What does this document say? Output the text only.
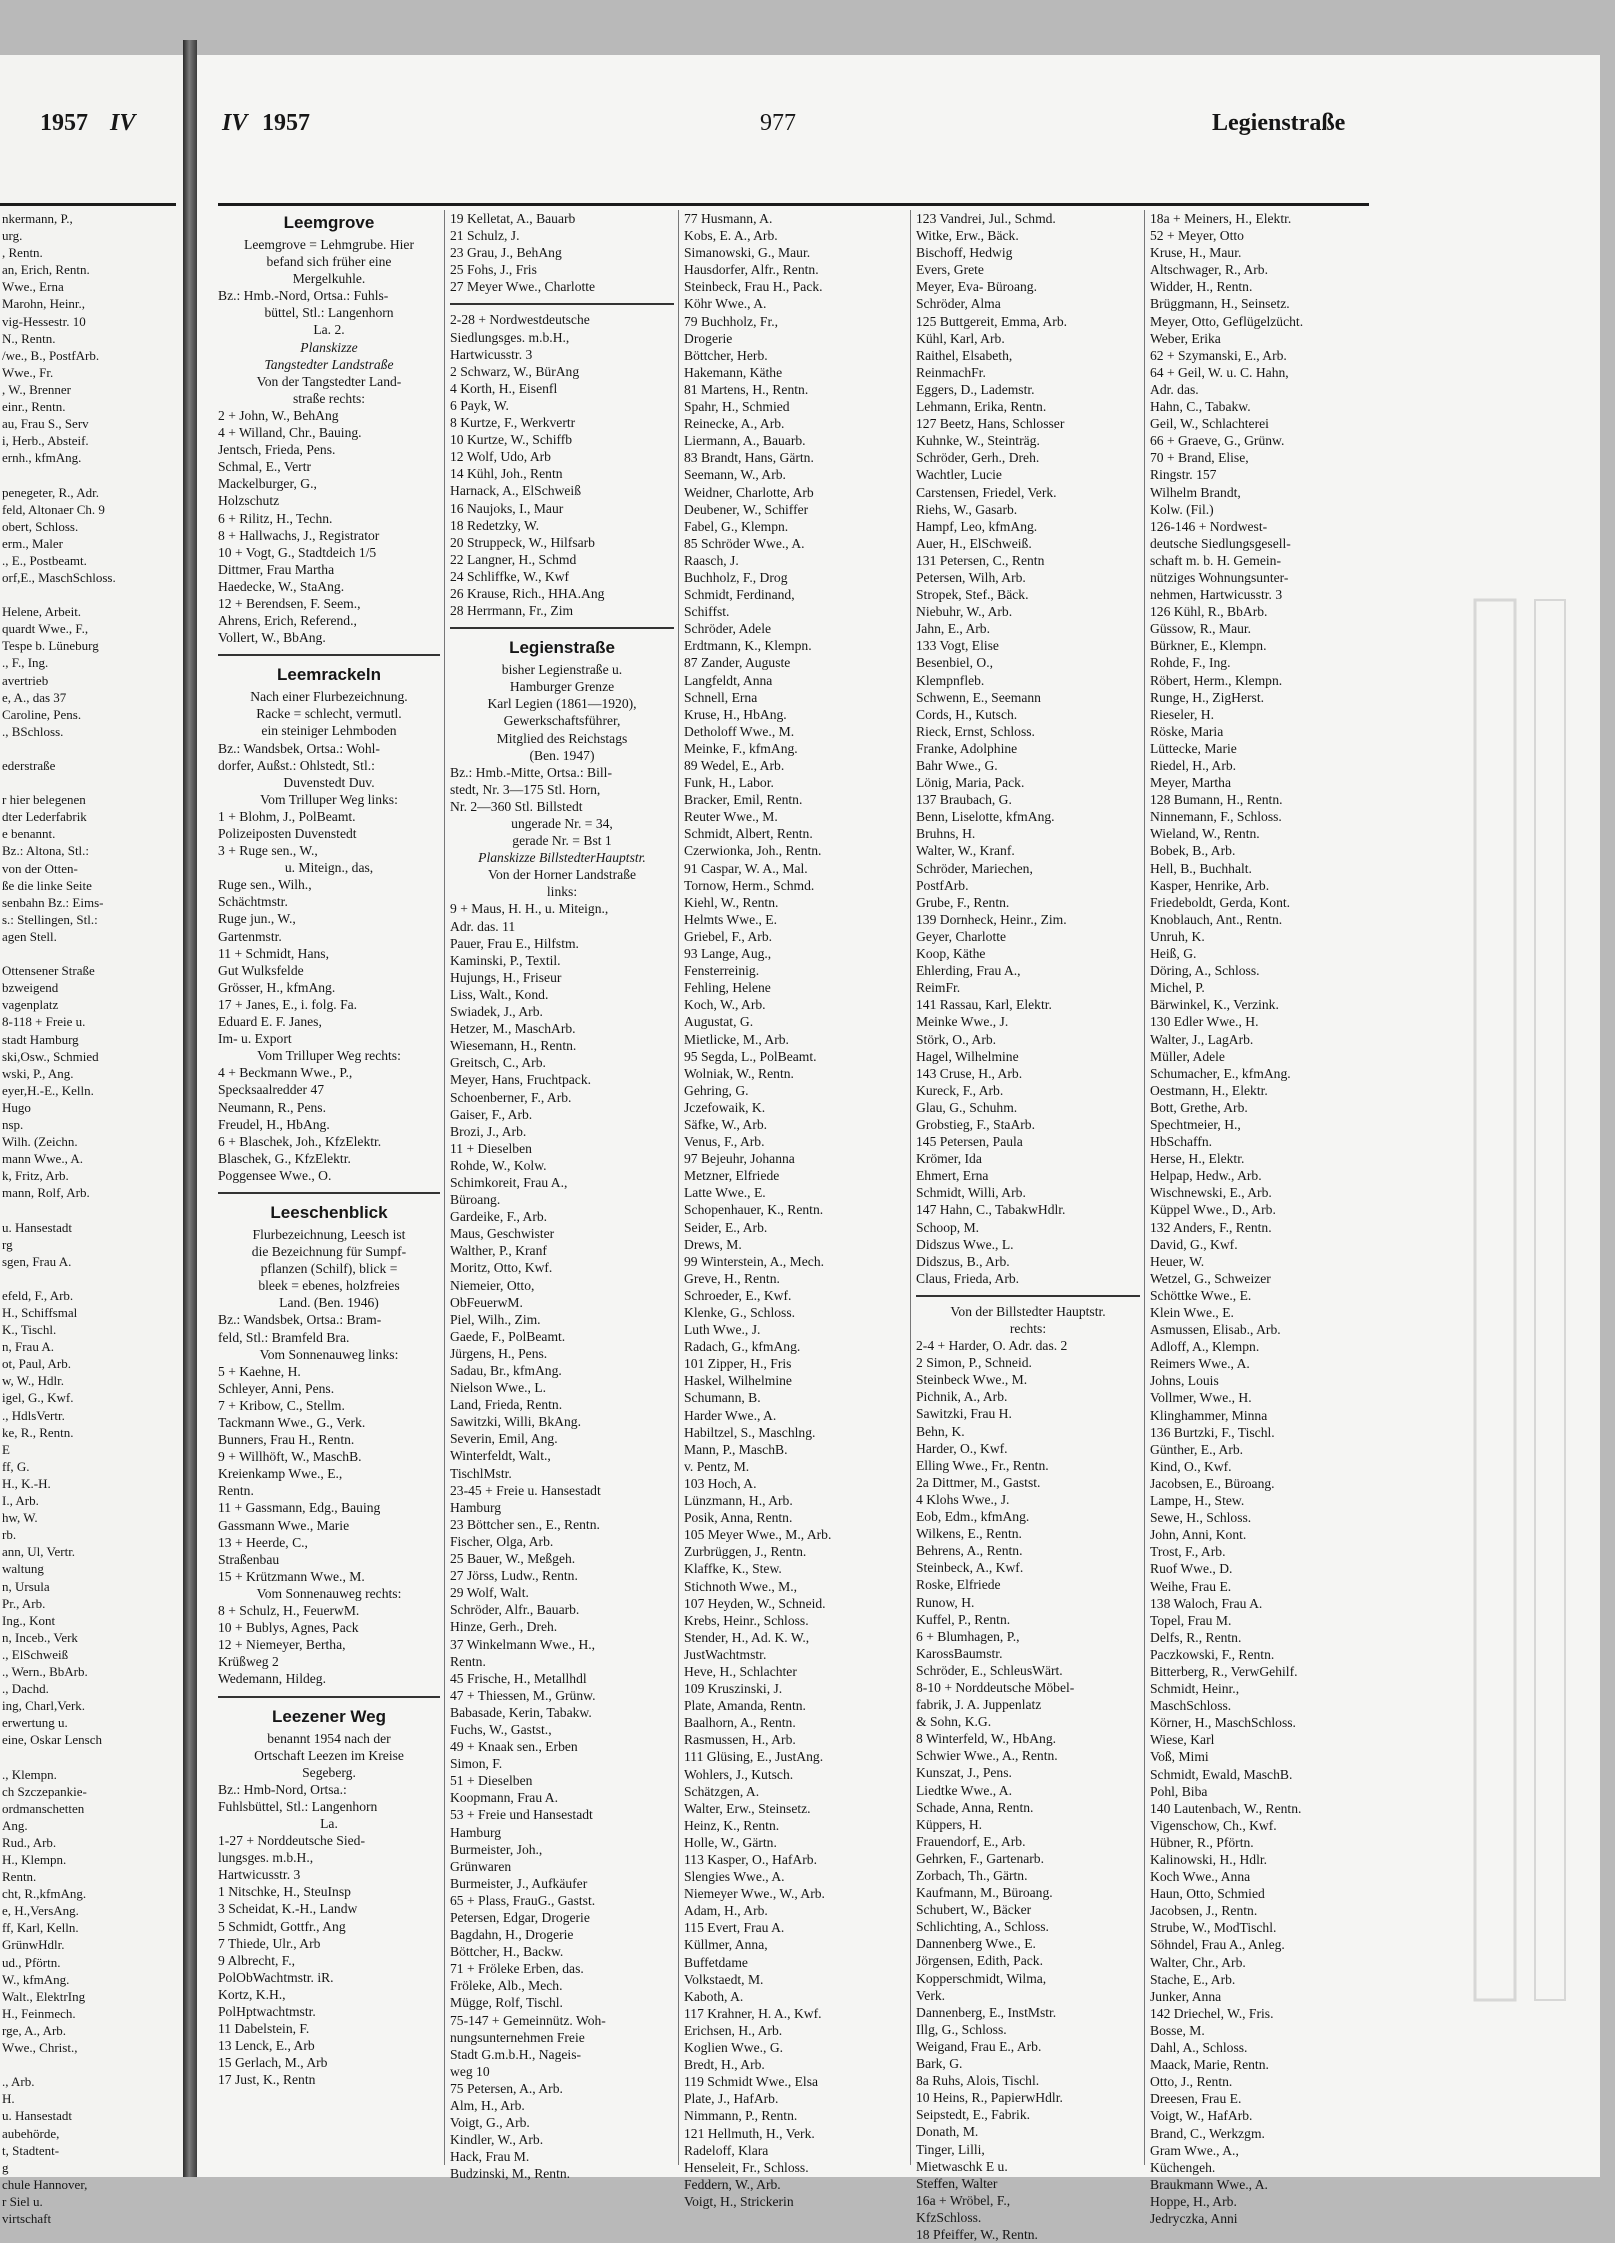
1957 IV	IV 1957	977	Legienstraße
nkermann, P.,
urg.
, Rentn.
an, Erich, Rentn.
Wwe., Erna
Marohn, Heinr.,
vig-Hessestr. 10
N., Rentn.
/we., B., PostfArb.
Wwe., Fr.
, W., Brenner
einr., Rentn.
au, Frau S., Serv
i, Herb., Absteif.
ernh., kfmAng.

penegeter, R., Adr.
feld, Altonaer Ch. 9
obert, Schloss.
erm., Maler
., E., Postbeamt.
orf,E., MaschSchloss.

Helene, Arbeit.
quardt Wwe., F.,
Tespe b. Lüneburg
., F., Ing.
avertrieb
e, A., das 37
Caroline, Pens.
., BSchloss.

ederstraße

r hier belegenen
dter Lederfabrik
e benannt.
Bz.: Altona, Stl.:
von der Otten-
ße die linke Seite
senbahn Bz.: Eims-
s.: Stellingen, Stl.:
agen Stell.

Ottensener Straße
bzweigend
vagenplatz
8-118 + Freie u.
stadt Hamburg
ski,Osw., Schmied
wski, P., Ang.
eyer,H.-E., Kelln.
Hugo
nsp.
Wilh. (Zeichn.
mann Wwe., A.
k, Fritz, Arb.
mann, Rolf, Arb.

u. Hansestadt
rg
sgen, Frau A.

efeld, F., Arb.
H., Schiffsmal
K., Tischl.
n, Frau A.
ot, Paul, Arb.
w, W., Hdlr.
igel, G., Kwf.
., HdlsVertr.
ke, R., Rentn.
E
ff, G.
H., K.-H.
I., Arb.
hw, W.
rb.
ann, Ul, Vertr.
waltung
n, Ursula
Pr., Arb.
Ing., Kont
n, Inceb., Verk
., ElSchweiß
., Wern., BbArb.
., Dachd.
ing, Charl,Verk.
erwertung u.
eine, Oskar Lensch

., Klempn.
ch Szczepankie-
ordmanschetten
Ang.
Rud., Arb.
H., Klempn.
Rentn.
cht, R.,kfmAng.
e, H.,VersAng.
ff, Karl, Kelln.
GrünwHdlr.
ud., Pförtn.
W., kfmAng.
Walt., ElektrIng
H., Feinmech.
rge, A., Arb.
Wwe., Christ.,

., Arb.
H.
u. Hansestadt
aubehörde,
t, Stadtent-
g
chule Hannover,
r Siel u.
virtschaft
Leemgrove
Leemgrove = Lehmgrube. Hier
befand sich früher eine
Mergelkuhle.
Bz.: Hmb.-Nord, Ortsa.: Fuhls-
büttel, Stl.: Langenhorn
La. 2.
Planskizze
Tangstedter Landstraße
Von der Tangstedter Land-
straße rechts:
2 + John, W., BehAng
4 + Willand, Chr., Bauing.
Jentsch, Frieda, Pens.
Schmal, E., Vertr
Mackelburger, G.,
Holzschutz
6 + Rilitz, H., Techn.
8 + Hallwachs, J., Registrator
10 + Vogt, G., Stadtdeich 1/5
Dittmer, Frau Martha
Haedecke, W., StaAng.
12 + Berendsen, F. Seem.,
Ahrens, Erich, Referend.,
Vollert, W., BbAng.
Leemrackeln
Nach einer Flurbezeichnung.
Racke = schlecht, vermutl.
ein steiniger Lehmboden
Bz.: Wandsbek, Ortsa.: Wohl-
dorfer, Außst.: Ohlstedt, Stl.:
Duvenstedt Duv.
Vom Trilluper Weg links:
1 + Blohm, J., PolBeamt.
Polizeiposten Duvenstedt
3 + Ruge sen., W.,
u. Miteign., das,
Ruge sen., Wilh.,
Schächtmstr.
Ruge jun., W.,
Gartenmstr.
11 + Schmidt, Hans,
Gut Wulksfelde
Grösser, H., kfmAng.
17 + Janes, E., i. folg. Fa.
Eduard E. F. Janes,
Im- u. Export
Vom Trilluper Weg rechts:
4 + Beckmann Wwe., P.,
Specksaalredder 47
Neumann, R., Pens.
Freudel, H., HbAng.
6 + Blaschek, Joh., KfzElektr.
Blaschek, G., KfzElektr.
Poggensee Wwe., O.
Leeschenblick
Flurbezeichnung, Leesch ist
die Bezeichnung für Sumpf-
pflanzen (Schilf), blick =
bleek = ebenes, holzfreies
Land. (Ben. 1946)
Bz.: Wandsbek, Ortsa.: Bram-
feld, Stl.: Bramfeld Bra.
Vom Sonnenauweg links:
5 + Kaehne, H.
Schleyer, Anni, Pens.
7 + Kribow, C., Stellm.
Tackmann Wwe., G., Verk.
Bunners, Frau H., Rentn.
9 + Willhöft, W., MaschB.
Kreienkamp Wwe., E.,
Rentn.
11 + Gassmann, Edg., Bauing
Gassmann Wwe., Marie
13 + Heerde, C.,
Straßenbau
15 + Krützmann Wwe., M.
Vom Sonnenauweg rechts:
8 + Schulz, H., FeuerwM.
10 + Bublys, Agnes, Pack
12 + Niemeyer, Bertha,
Krüßweg 2
Wedemann, Hildeg.
Leezener Weg
benannt 1954 nach der
Ortschaft Leezen im Kreise
Segeberg.
Bz.: Hmb-Nord, Ortsa.:
Fuhlsbüttel, Stl.: Langenhorn
La.
1-27 + Norddeutsche Sied-
lungsges. m.b.H.,
Hartwicusstr. 3
1 Nitschke, H., SteuInsp
3 Scheidat, K.-H., Landw
5 Schmidt, Gottfr., Ang
7 Thiede, Ulr., Arb
9 Albrecht, F.,
PolObWachtmstr. iR.
Kortz, K.H.,
PolHptwachtmstr.
11 Dabelstein, F.
13 Lenck, E., Arb
15 Gerlach, M., Arb
17 Just, K., Rentn
19 Kelletat, A., Bauarb
21 Schulz, J.
23 Grau, J., BehAng
25 Fohs, J., Fris
27 Meyer Wwe., Charlotte
2-28 + Nordwestdeutsche
Siedlungsges. m.b.H.,
Hartwicusstr. 3
2 Schwarz, W., BürAng
4 Korth, H., Eisenfl
6 Payk, W.
8 Kurtze, F., Werkvertr
10 Kurtze, W., Schiffb
12 Wolf, Udo, Arb
14 Kühl, Joh., Rentn
Harnack, A., ElSchweiß
16 Naujoks, I., Maur
18 Redetzky, W.
20 Struppeck, W., Hilfsarb
22 Langner, H., Schmd
24 Schliffke, W., Kwf
26 Krause, Rich., HHA.Ang
28 Herrmann, Fr., Zim
Legienstraße
bisher Legienstraße u.
Hamburger Grenze
Karl Legien (1861—1920),
Gewerkschaftsführer,
Mitglied des Reichstags
(Ben. 1947)
Bz.: Hmb.-Mitte, Ortsa.: Bill-
stedt, Nr. 3—175 Stl. Horn,
Nr. 2—360 Stl. Billstedt
ungerade Nr. = 34,
gerade Nr. = Bst 1
Planskizze BillstedterHauptstr.
Von der Horner Landstraße
links:
9 + Maus, H. H., u. Miteign.,
Adr. das. 11
Pauer, Frau E., Hilfstm.
Kaminski, P., Textil.
Hujungs, H., Friseur
Liss, Walt., Kond.
Swiadek, J., Arb.
Hetzer, M., MaschArb.
Wiesemann, H., Rentn.
Greitsch, C., Arb.
Meyer, Hans, Fruchtpack.
Schoenberner, F., Arb.
Gaiser, F., Arb.
Brozi, J., Arb.
11 + Dieselben
Rohde, W., Kolw.
Schimkoreit, Frau A.,
Büroang.
Gardeike, F., Arb.
Maus, Geschwister
Walther, P., Kranf
Moritz, Otto, Kwf.
Niemeier, Otto,
ObFeuerwM.
Piel, Wilh., Zim.
Gaede, F., PolBeamt.
Jürgens, H., Pens.
Sadau, Br., kfmAng.
Nielson Wwe., L.
Land, Frieda, Rentn.
Sawitzki, Willi, BkAng.
Severin, Emil, Ang.
Winterfeldt, Walt.,
TischlMstr.
23-45 + Freie u. Hansestadt
Hamburg
23 Böttcher sen., E., Rentn.
Fischer, Olga, Arb.
25 Bauer, W., Meßgeh.
27 Jörss, Ludw., Rentn.
29 Wolf, Walt.
Schröder, Alfr., Bauarb.
Hinze, Gerh., Dreh.
37 Winkelmann Wwe., H.,
Rentn.
45 Frische, H., Metallhdl
47 + Thiessen, M., Grünw.
Babasade, Kerin, Tabakw.
Fuchs, W., Gastst.,
49 + Knaak sen., Erben
Simon, F.
51 + Dieselben
Koopmann, Frau A.
53 + Freie und Hansestadt
Hamburg
Burmeister, Joh.,
Grünwaren
Burmeister, J., Aufkäufer
65 + Plass, FrauG., Gastst.
Petersen, Edgar, Drogerie
Bagdahn, H., Drogerie
Böttcher, H., Backw.
71 + Fröleke Erben, das.
Fröleke, Alb., Mech.
Mügge, Rolf, Tischl.
75-147 + Gemeinnütz. Woh-
nungsunternehmen Freie
Stadt G.m.b.H., Nageis-
weg 10
75 Petersen, A., Arb.
Alm, H., Arb.
Voigt, G., Arb.
Kindler, W., Arb.
Hack, Frau M.
Budzinski, M., Rentn.
77 Husmann, A.
Kobs, E. A., Arb.
Simanowski, G., Maur.
Hausdorfer, Alfr., Rentn.
Steinbeck, Frau H., Pack.
Köhr Wwe., A.
79 Buchholz, Fr.,
Drogerie
Böttcher, Herb.
Hakemann, Käthe
81 Martens, H., Rentn.
Spahr, H., Schmied
Reinecke, A., Arb.
Liermann, A., Bauarb.
83 Brandt, Hans, Gärtn.
Seemann, W., Arb.
Weidner, Charlotte, Arb
Deubener, W., Schiffer
Fabel, G., Klempn.
85 Schröder Wwe., A.
Raasch, J.
Buchholz, F., Drog
Schmidt, Ferdinand,
Schiffst.
Schröder, Adele
Erdtmann, K., Klempn.
87 Zander, Auguste
Langfeldt, Anna
Schnell, Erna
Kruse, H., HbAng.
Detholoff Wwe., M.
Meinke, F., kfmAng.
89 Wedel, E., Arb.
Funk, H., Labor.
Bracker, Emil, Rentn.
Reuter Wwe., M.
Schmidt, Albert, Rentn.
Czerwionka, Joh., Rentn.
91 Caspar, W. A., Mal.
Tornow, Herm., Schmd.
Kiehl, W., Rentn.
Helmts Wwe., E.
Griebel, F., Arb.
93 Lange, Aug.,
Fensterreinig.
Fehling, Helene
Koch, W., Arb.
Augustat, G.
Mietlicke, M., Arb.
95 Segda, L., PolBeamt.
Wolniak, W., Rentn.
Gehring, G.
Jczefowaik, K.
Säfke, W., Arb.
Venus, F., Arb.
97 Bejeuhr, Johanna
Metzner, Elfriede
Latte Wwe., E.
Schopenhauer, K., Rentn.
Seider, E., Arb.
Drews, M.
99 Winterstein, A., Mech.
Greve, H., Rentn.
Schroeder, E., Kwf.
Klenke, G., Schloss.
Luth Wwe., J.
Radach, G., kfmAng.
101 Zipper, H., Fris
Haskel, Wilhelmine
Schumann, B.
Harder Wwe., A.
Habiltzel, S., Maschlng.
Mann, P., MaschB.
v. Pentz, M.
103 Hoch, A.
Lünzmann, H., Arb.
Posik, Anna, Rentn.
105 Meyer Wwe., M., Arb.
Zurbrüggen, J., Rentn.
Klaffke, K., Stew.
Stichnoth Wwe., M.,
107 Heyden, W., Schneid.
Krebs, Heinr., Schloss.
Stender, H., Ad. K. W.,
JustWachtmstr.
Heve, H., Schlachter
109 Kruszinski, J.
Plate, Amanda, Rentn.
Baalhorn, A., Rentn.
Rasmussen, H., Arb.
111 Glüsing, E., JustAng.
Wohlers, J., Kutsch.
Schätzgen, A.
Walter, Erw., Steinsetz.
Heinz, K., Rentn.
Holle, W., Gärtn.
113 Kasper, O., HafArb.
Slengies Wwe., A.
Niemeyer Wwe., W., Arb.
Adam, H., Arb.
115 Evert, Frau A.
Küllmer, Anna,
Buffetdame
Volkstaedt, M.
Kaboth, A.
117 Krahner, H. A., Kwf.
Erichsen, H., Arb.
Koglien Wwe., G.
Bredt, H., Arb.
119 Schmidt Wwe., Elsa
Plate, J., HafArb.
Nimmann, P., Rentn.
121 Hellmuth, H., Verk.
Radeloff, Klara
Henseleit, Fr., Schloss.
Feddern, W., Arb.
Voigt, H., Strickerin
123 Vandrei, Jul., Schmd.
Witke, Erw., Bäck.
Bischoff, Hedwig
Evers, Grete
Meyer, Eva- Büroang.
Schröder, Alma
125 Buttgereit, Emma, Arb.
Kühl, Karl, Arb.
Raithel, Elsabeth,
ReinmachFr.
Eggers, D., Lademstr.
Lehmann, Erika, Rentn.
127 Beetz, Hans, Schlosser
Kuhnke, W., Steinträg.
Schröder, Gerh., Dreh.
Wachtler, Lucie
Carstensen, Friedel, Verk.
Riehs, W., Gasarb.
Hampf, Leo, kfmAng.
Auer, H., ElSchweiß.
131 Petersen, C., Rentn
Petersen, Wilh, Arb.
Stropek, Stef., Bäck.
Niebuhr, W., Arb.
Jahn, E., Arb.
133 Vogt, Elise
Besenbiel, O.,
Klempnfleb.
Schwenn, E., Seemann
Cords, H., Kutsch.
Rieck, Ernst, Schloss.
Franke, Adolphine
Bahr Wwe., G.
Lönig, Maria, Pack.
137 Braubach, G.
Benn, Liselotte, kfmAng.
Bruhns, H.
Walter, W., Kranf.
Schröder, Mariechen,
PostfArb.
Grube, F., Rentn.
139 Dornheck, Heinr., Zim.
Geyer, Charlotte
Koop, Käthe
Ehlerding, Frau A.,
ReimFr.
141 Rassau, Karl, Elektr.
Meinke Wwe., J.
Störk, O., Arb.
Hagel, Wilhelmine
143 Cruse, H., Arb.
Kureck, F., Arb.
Glau, G., Schuhm.
Grobstieg, F., StaArb.
145 Petersen, Paula
Krömer, Ida
Ehmert, Erna
Schmidt, Willi, Arb.
147 Hahn, C., TabakwHdlr.
Schoop, M.
Didszus Wwe., L.
Didszus, B., Arb.
Claus, Frieda, Arb.
Von der Billstedter Hauptstr.
rechts:
2-4 + Harder, O. Adr. das. 2
2 Simon, P., Schneid.
Steinbeck Wwe., M.
Pichnik, A., Arb.
Sawitzki, Frau H.
Behn, K.
Harder, O., Kwf.
Elling Wwe., Fr., Rentn.
2a Dittmer, M., Gastst.
4 Klohs Wwe., J.
Eob, Edm., kfmAng.
Wilkens, E., Rentn.
Behrens, A., Rentn.
Steinbeck, A., Kwf.
Roske, Elfriede
Runow, H.
Kuffel, P., Rentn.
6 + Blumhagen, P.,
KarossBaumstr.
Schröder, E., SchleusWärt.
8-10 + Norddeutsche Möbel-
fabrik, J. A. Juppenlatz
& Sohn, K.G.
8 Winterfeld, W., HbAng.
Schwier Wwe., A., Rentn.
Kunszat, J., Pens.
Liedtke Wwe., A.
Schade, Anna, Rentn.
Küppers, H.
Frauendorf, E., Arb.
Gehrken, F., Gartenarb.
Zorbach, Th., Gärtn.
Kaufmann, M., Büroang.
Schubert, W., Bäcker
Schlichting, A., Schloss.
Dannenberg Wwe., E.
Jörgensen, Edith, Pack.
Kopperschmidt, Wilma,
Verk.
Dannenberg, E., InstMstr.
Illg, G., Schloss.
Weigand, Frau E., Arb.
Bark, G.
8a Ruhs, Alois, Tischl.
10 Heins, R., PapierwHdlr.
Seipstedt, E., Fabrik.
Donath, M.
Tinger, Lilli,
Mietwaschk E u.
Steffen, Walter
16a + Wröbel, F.,
KfzSchloss.
18 Pfeiffer, W., Rentn.
18a + Meiners, H., Elektr.
52 + Meyer, Otto
Kruse, H., Maur.
Altschwager, R., Arb.
Widder, H., Rentn.
Brüggmann, H., Seinsetz.
Meyer, Otto, Geflügelzücht.
Weber, Erika
62 + Szymanski, E., Arb.
64 + Geil, W. u. C. Hahn,
Adr. das.
Hahn, C., Tabakw.
Geil, W., Schlachterei
66 + Graeve, G., Grünw.
70 + Brand, Elise,
Ringstr. 157
Wilhelm Brandt,
Kolw. (Fil.)
126-146 + Nordwest-
deutsche Siedlungsgesell-
schaft m. b. H. Gemein-
nütziges Wohnungsunter-
nehmen, Hartwicusstr. 3
126 Kühl, R., BbArb.
Güssow, R., Maur.
Bürkner, E., Klempn.
Rohde, F., Ing.
Röbert, Herm., Klempn.
Runge, H., ZigHerst.
Rieseler, H.
Röske, Maria
Lüttecke, Marie
Riedel, H., Arb.
Meyer, Martha
128 Bumann, H., Rentn.
Ninnemann, F., Schloss.
Wieland, W., Rentn.
Bobek, B., Arb.
Hell, B., Buchhalt.
Kasper, Henrike, Arb.
Friedeboldt, Gerda, Kont.
Knoblauch, Ant., Rentn.
Unruh, K.
Heiß, G.
Döring, A., Schloss.
Michel, P.
Bärwinkel, K., Verzink.
130 Edler Wwe., H.
Walter, J., LagArb.
Müller, Adele
Schumacher, E., kfmAng.
Oestmann, H., Elektr.
Bott, Grethe, Arb.
Spechtmeier, H.,
HbSchaffn.
Herse, H., Elektr.
Helpap, Hedw., Arb.
Wischnewski, E., Arb.
Küppel Wwe., D., Arb.
132 Anders, F., Rentn.
David, G., Kwf.
Heuer, W.
Wetzel, G., Schweizer
Schöttke Wwe., E.
Klein Wwe., E.
Asmussen, Elisab., Arb.
Adloff, A., Klempn.
Reimers Wwe., A.
Johns, Louis
Vollmer, Wwe., H.
Klinghammer, Minna
136 Burtzki, F., Tischl.
Günther, E., Arb.
Kind, O., Kwf.
Jacobsen, E., Büroang.
Lampe, H., Stew.
Sewe, H., Schloss.
John, Anni, Kont.
Trost, F., Arb.
Ruof Wwe., D.
Weihe, Frau E.
138 Waloch, Frau A.
Topel, Frau M.
Delfs, R., Rentn.
Paczkowski, F., Rentn.
Bitterberg, R., VerwGehilf.
Schmidt, Heinr.,
MaschSchloss.
Körner, H., MaschSchloss.
Wiese, Karl
Voß, Mimi
Schmidt, Ewald, MaschB.
Pohl, Biba
140 Lautenbach, W., Rentn.
Vigenschow, Ch., Kwf.
Hübner, R., Pförtn.
Kalinowski, H., Hdlr.
Koch Wwe., Anna
Haun, Otto, Schmied
Jacobsen, J., Rentn.
Strube, W., ModTischl.
Söhndel, Frau A., Anleg.
Walter, Chr., Arb.
Stache, E., Arb.
Junker, Anna
142 Driechel, W., Fris.
Bosse, M.
Dahl, A., Schloss.
Maack, Marie, Rentn.
Otto, J., Rentn.
Dreesen, Frau E.
Voigt, W., HafArb.
Brand, C., Werkzgm.
Gram Wwe., A.,
Küchengeh.
Braukmann Wwe., A.
Hoppe, H., Arb.
Jedryczka, Anni
